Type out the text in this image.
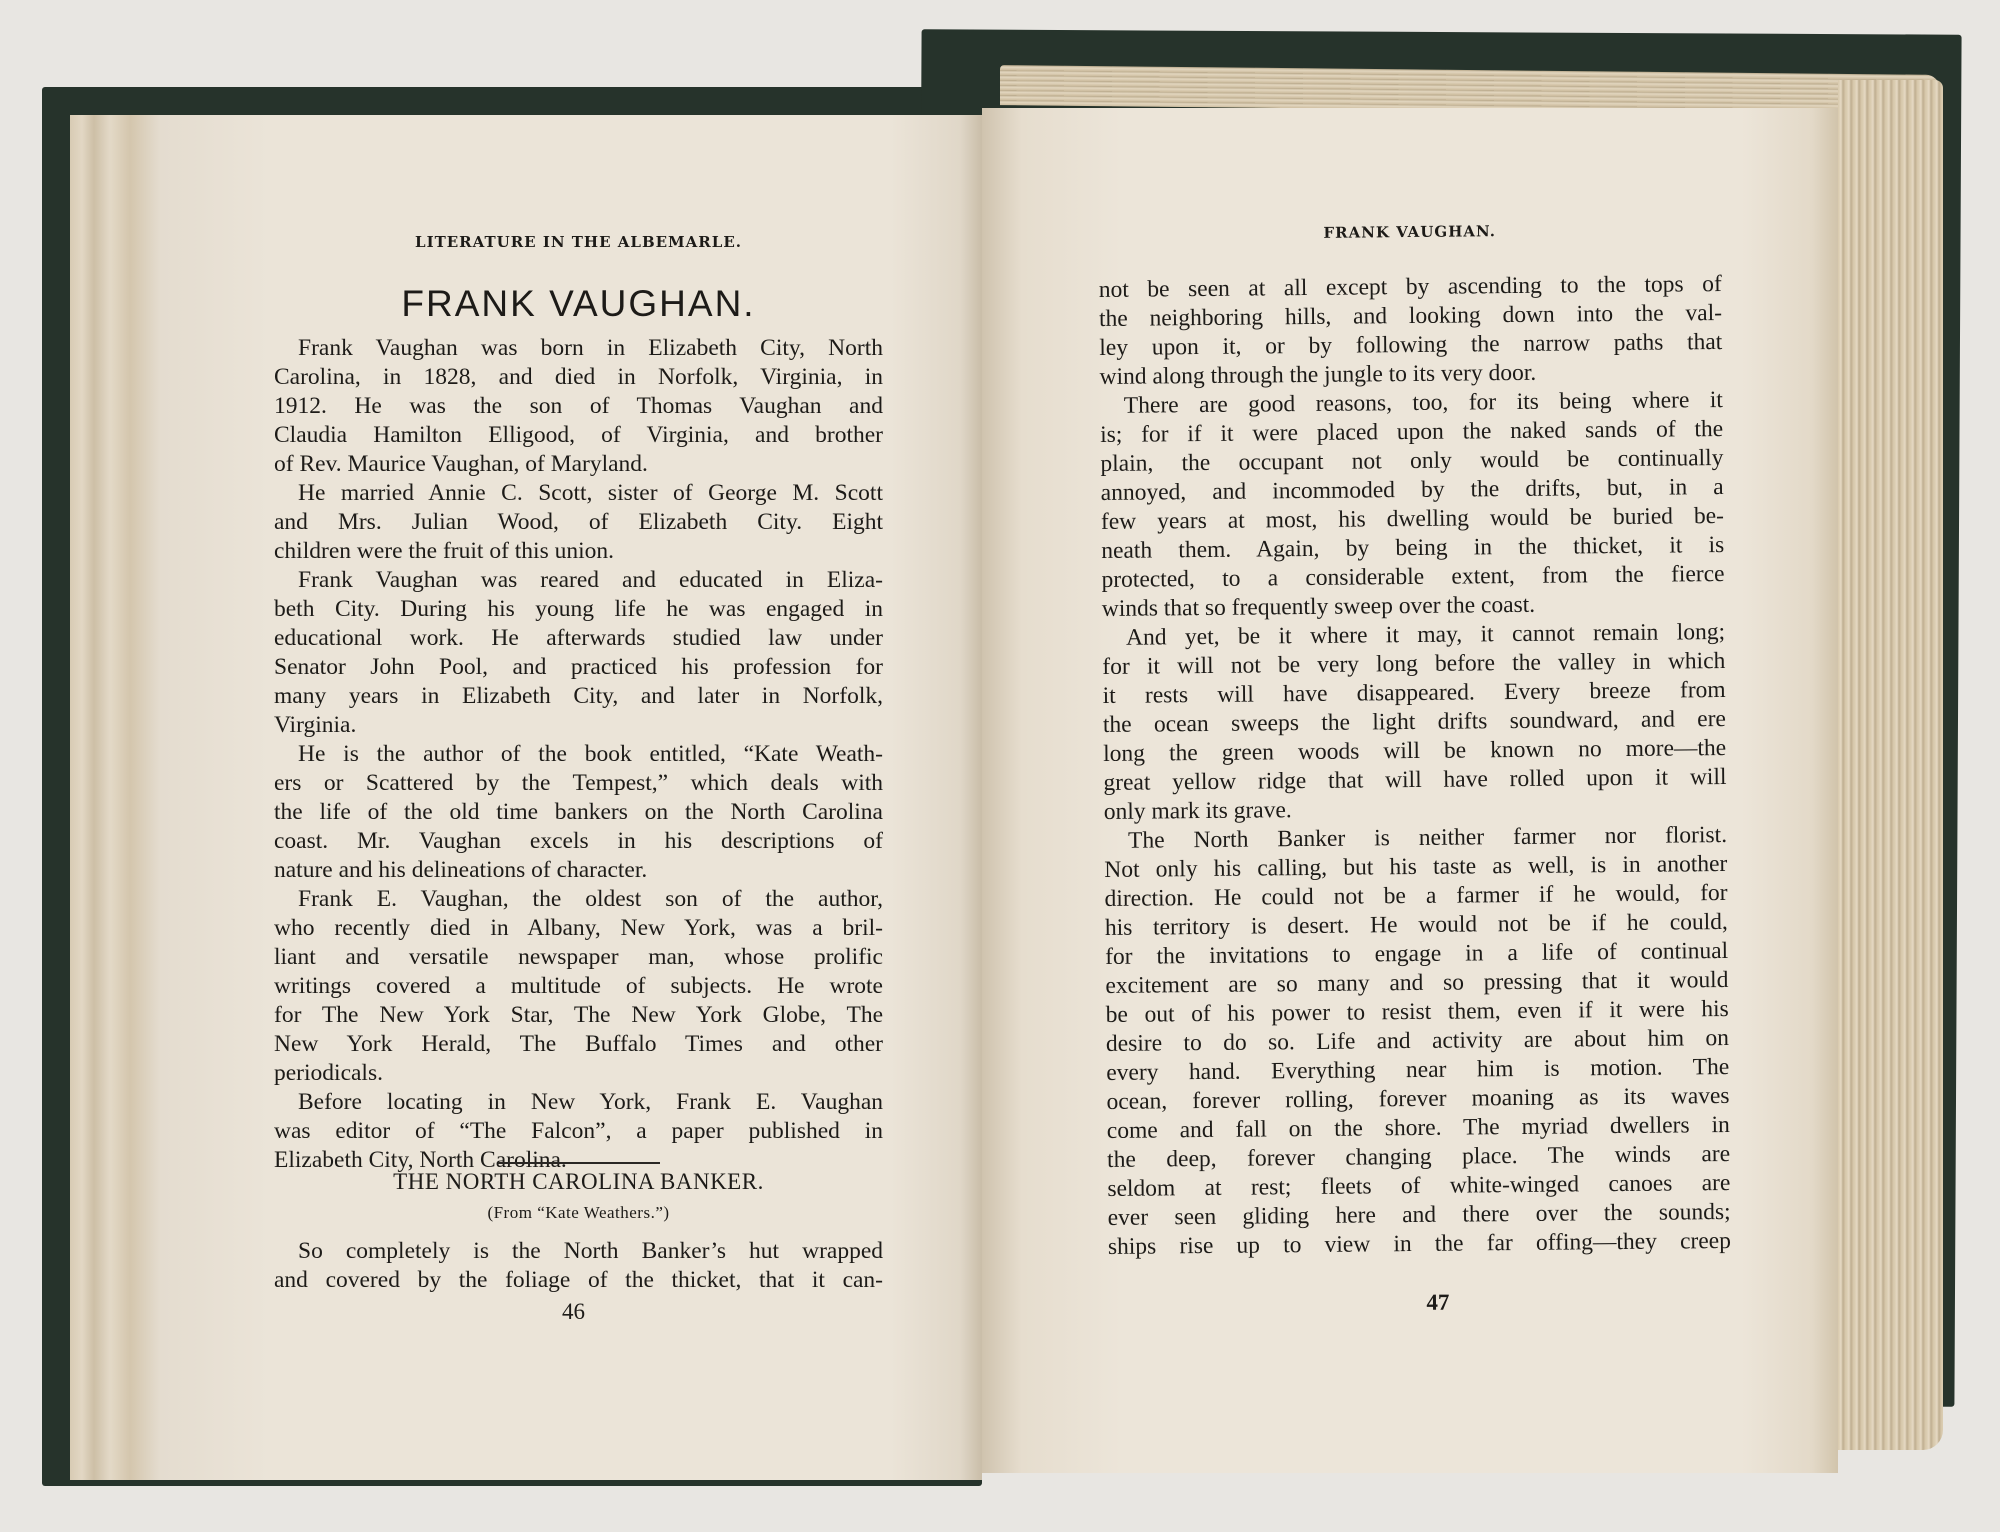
LITERATURE IN THE ALBEMARLE.
FRANK VAUGHAN.
Frank Vaughan was born in Elizabeth City, North
Carolina, in 1828, and died in Norfolk, Virginia, in
1912. He was the son of Thomas Vaughan and
Claudia Hamilton Elligood, of Virginia, and brother
of Rev. Maurice Vaughan, of Maryland.
He married Annie C. Scott, sister of George M. Scott
and Mrs. Julian Wood, of Elizabeth City. Eight
children were the fruit of this union.
Frank Vaughan was reared and educated in Eliza-
beth City. During his young life he was engaged in
educational work. He afterwards studied law under
Senator John Pool, and practiced his profession for
many years in Elizabeth City, and later in Norfolk,
Virginia.
He is the author of the book entitled, “Kate Weath-
ers or Scattered by the Tempest,” which deals with
the life of the old time bankers on the North Carolina
coast. Mr. Vaughan excels in his descriptions of
nature and his delineations of character.
Frank E. Vaughan, the oldest son of the author,
who recently died in Albany, New York, was a bril-
liant and versatile newspaper man, whose prolific
writings covered a multitude of subjects. He wrote
for The New York Star, The New York Globe, The
New York Herald, The Buffalo Times and other
periodicals.
Before locating in New York, Frank E. Vaughan
was editor of “The Falcon”, a paper published in
Elizabeth City, North Carolina.
THE NORTH CAROLINA BANKER.
(From “Kate Weathers.”)
So completely is the North Banker’s hut wrapped
and covered by the foliage of the thicket, that it can-
46
FRANK VAUGHAN.
not be seen at all except by ascending to the tops of
the neighboring hills, and looking down into the val-
ley upon it, or by following the narrow paths that
wind along through the jungle to its very door.
There are good reasons, too, for its being where it
is; for if it were placed upon the naked sands of the
plain, the occupant not only would be continually
annoyed, and incommoded by the drifts, but, in a
few years at most, his dwelling would be buried be-
neath them. Again, by being in the thicket, it is
protected, to a considerable extent, from the fierce
winds that so frequently sweep over the coast.
And yet, be it where it may, it cannot remain long;
for it will not be very long before the valley in which
it rests will have disappeared. Every breeze from
the ocean sweeps the light drifts soundward, and ere
long the green woods will be known no more—the
great yellow ridge that will have rolled upon it will
only mark its grave.
The North Banker is neither farmer nor florist.
Not only his calling, but his taste as well, is in another
direction. He could not be a farmer if he would, for
his territory is desert. He would not be if he could,
for the invitations to engage in a life of continual
excitement are so many and so pressing that it would
be out of his power to resist them, even if it were his
desire to do so. Life and activity are about him on
every hand. Everything near him is motion. The
ocean, forever rolling, forever moaning as its waves
come and fall on the shore. The myriad dwellers in
the deep, forever changing place. The winds are
seldom at rest; fleets of white-winged canoes are
ever seen gliding here and there over the sounds;
ships rise up to view in the far offing—they creep
47
